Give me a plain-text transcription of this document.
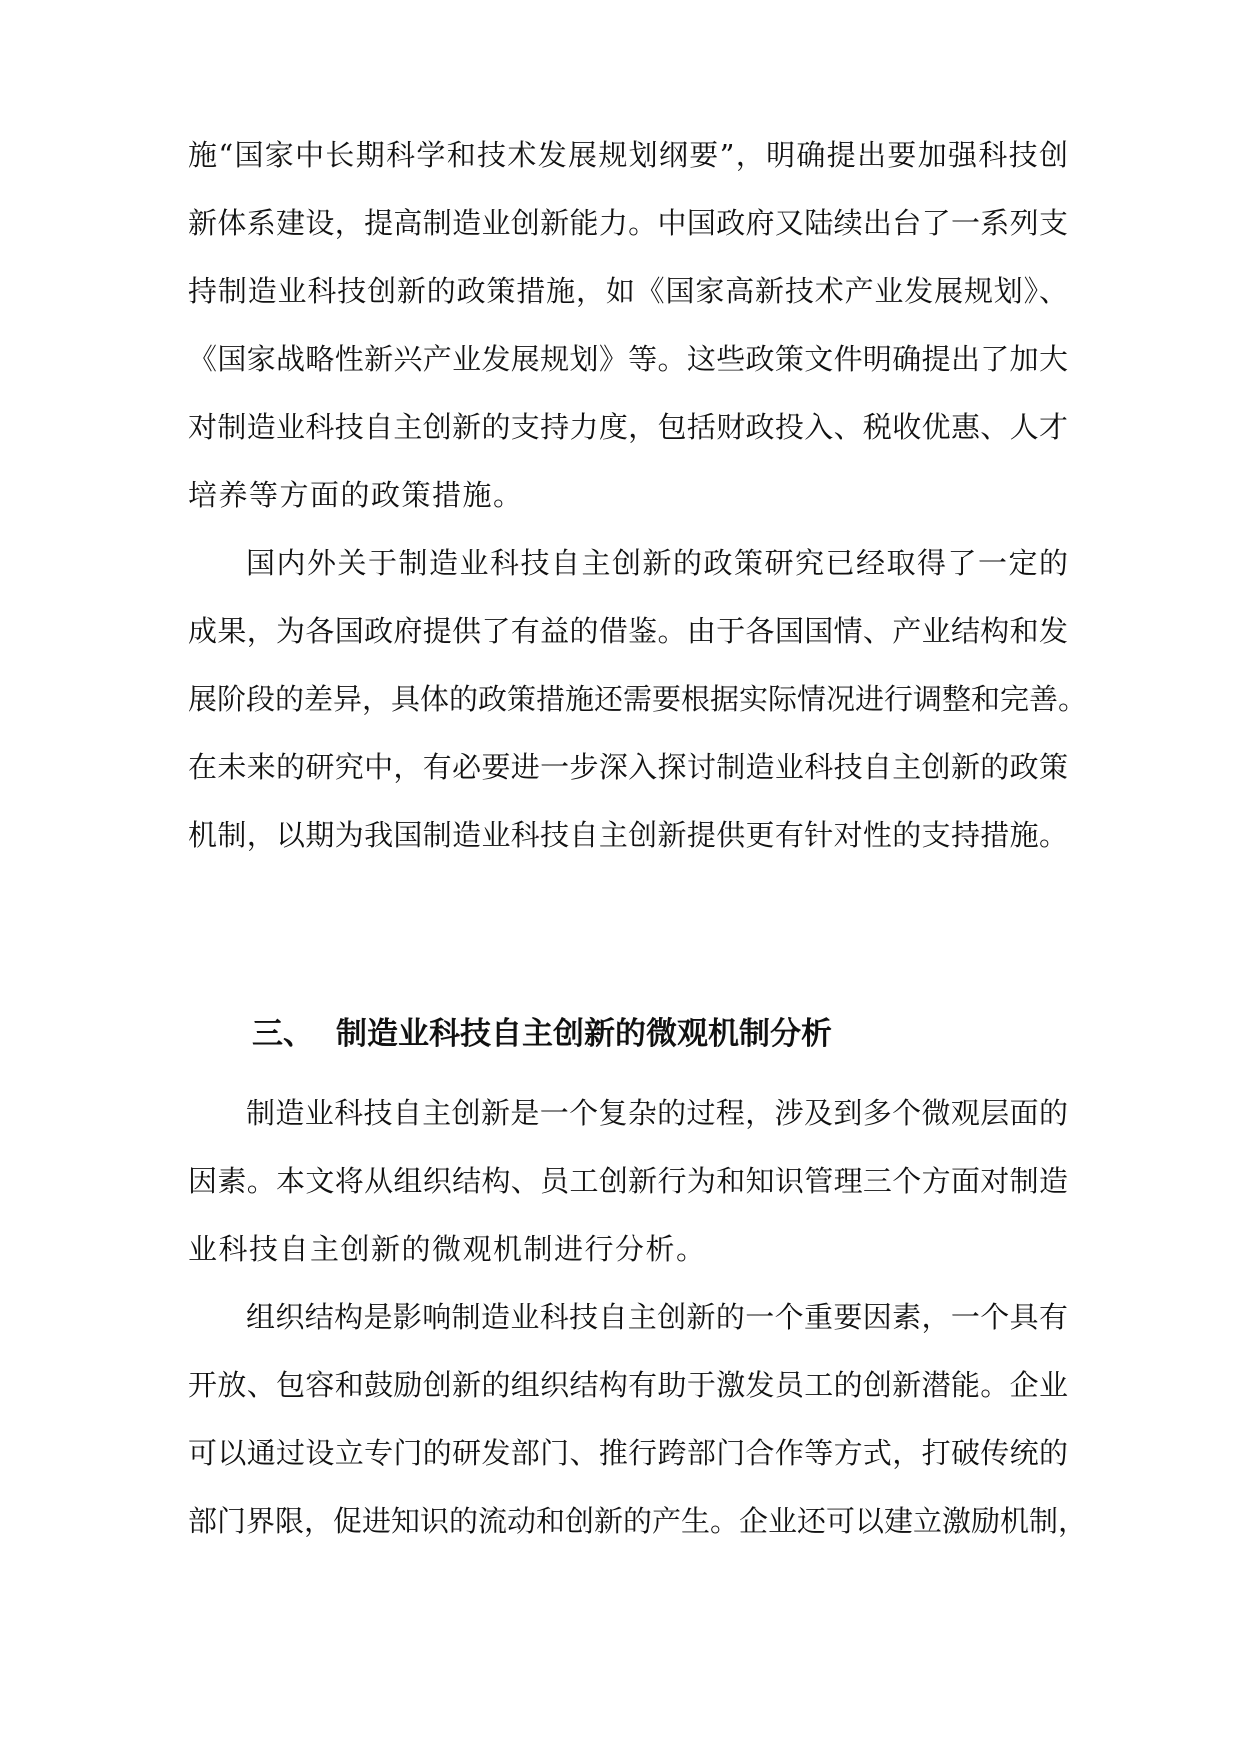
施“国家中长期科学和技术发展规划纲要”，明确提出要加强科技创
新体系建设，提高制造业创新能力。中国政府又陆续出台了一系列支
持制造业科技创新的政策措施，如《国家高新技术产业发展规划》、
《国家战略性新兴产业发展规划》等。这些政策文件明确提出了加大
对制造业科技自主创新的支持力度，包括财政投入、税收优惠、人才
培养等方面的政策措施。
国内外关于制造业科技自主创新的政策研究已经取得了一定的
成果，为各国政府提供了有益的借鉴。由于各国国情、产业结构和发
展阶段的差异，具体的政策措施还需要根据实际情况进行调整和完善。
在未来的研究中，有必要进一步深入探讨制造业科技自主创新的政策
机制，以期为我国制造业科技自主创新提供更有针对性的支持措施。
三、 制造业科技自主创新的微观机制分析
制造业科技自主创新是一个复杂的过程，涉及到多个微观层面的
因素。本文将从组织结构、员工创新行为和知识管理三个方面对制造
业科技自主创新的微观机制进行分析。
组织结构是影响制造业科技自主创新的一个重要因素，一个具有
开放、包容和鼓励创新的组织结构有助于激发员工的创新潜能。企业
可以通过设立专门的研发部门、推行跨部门合作等方式，打破传统的
部门界限，促进知识的流动和创新的产生。企业还可以建立激励机制，
